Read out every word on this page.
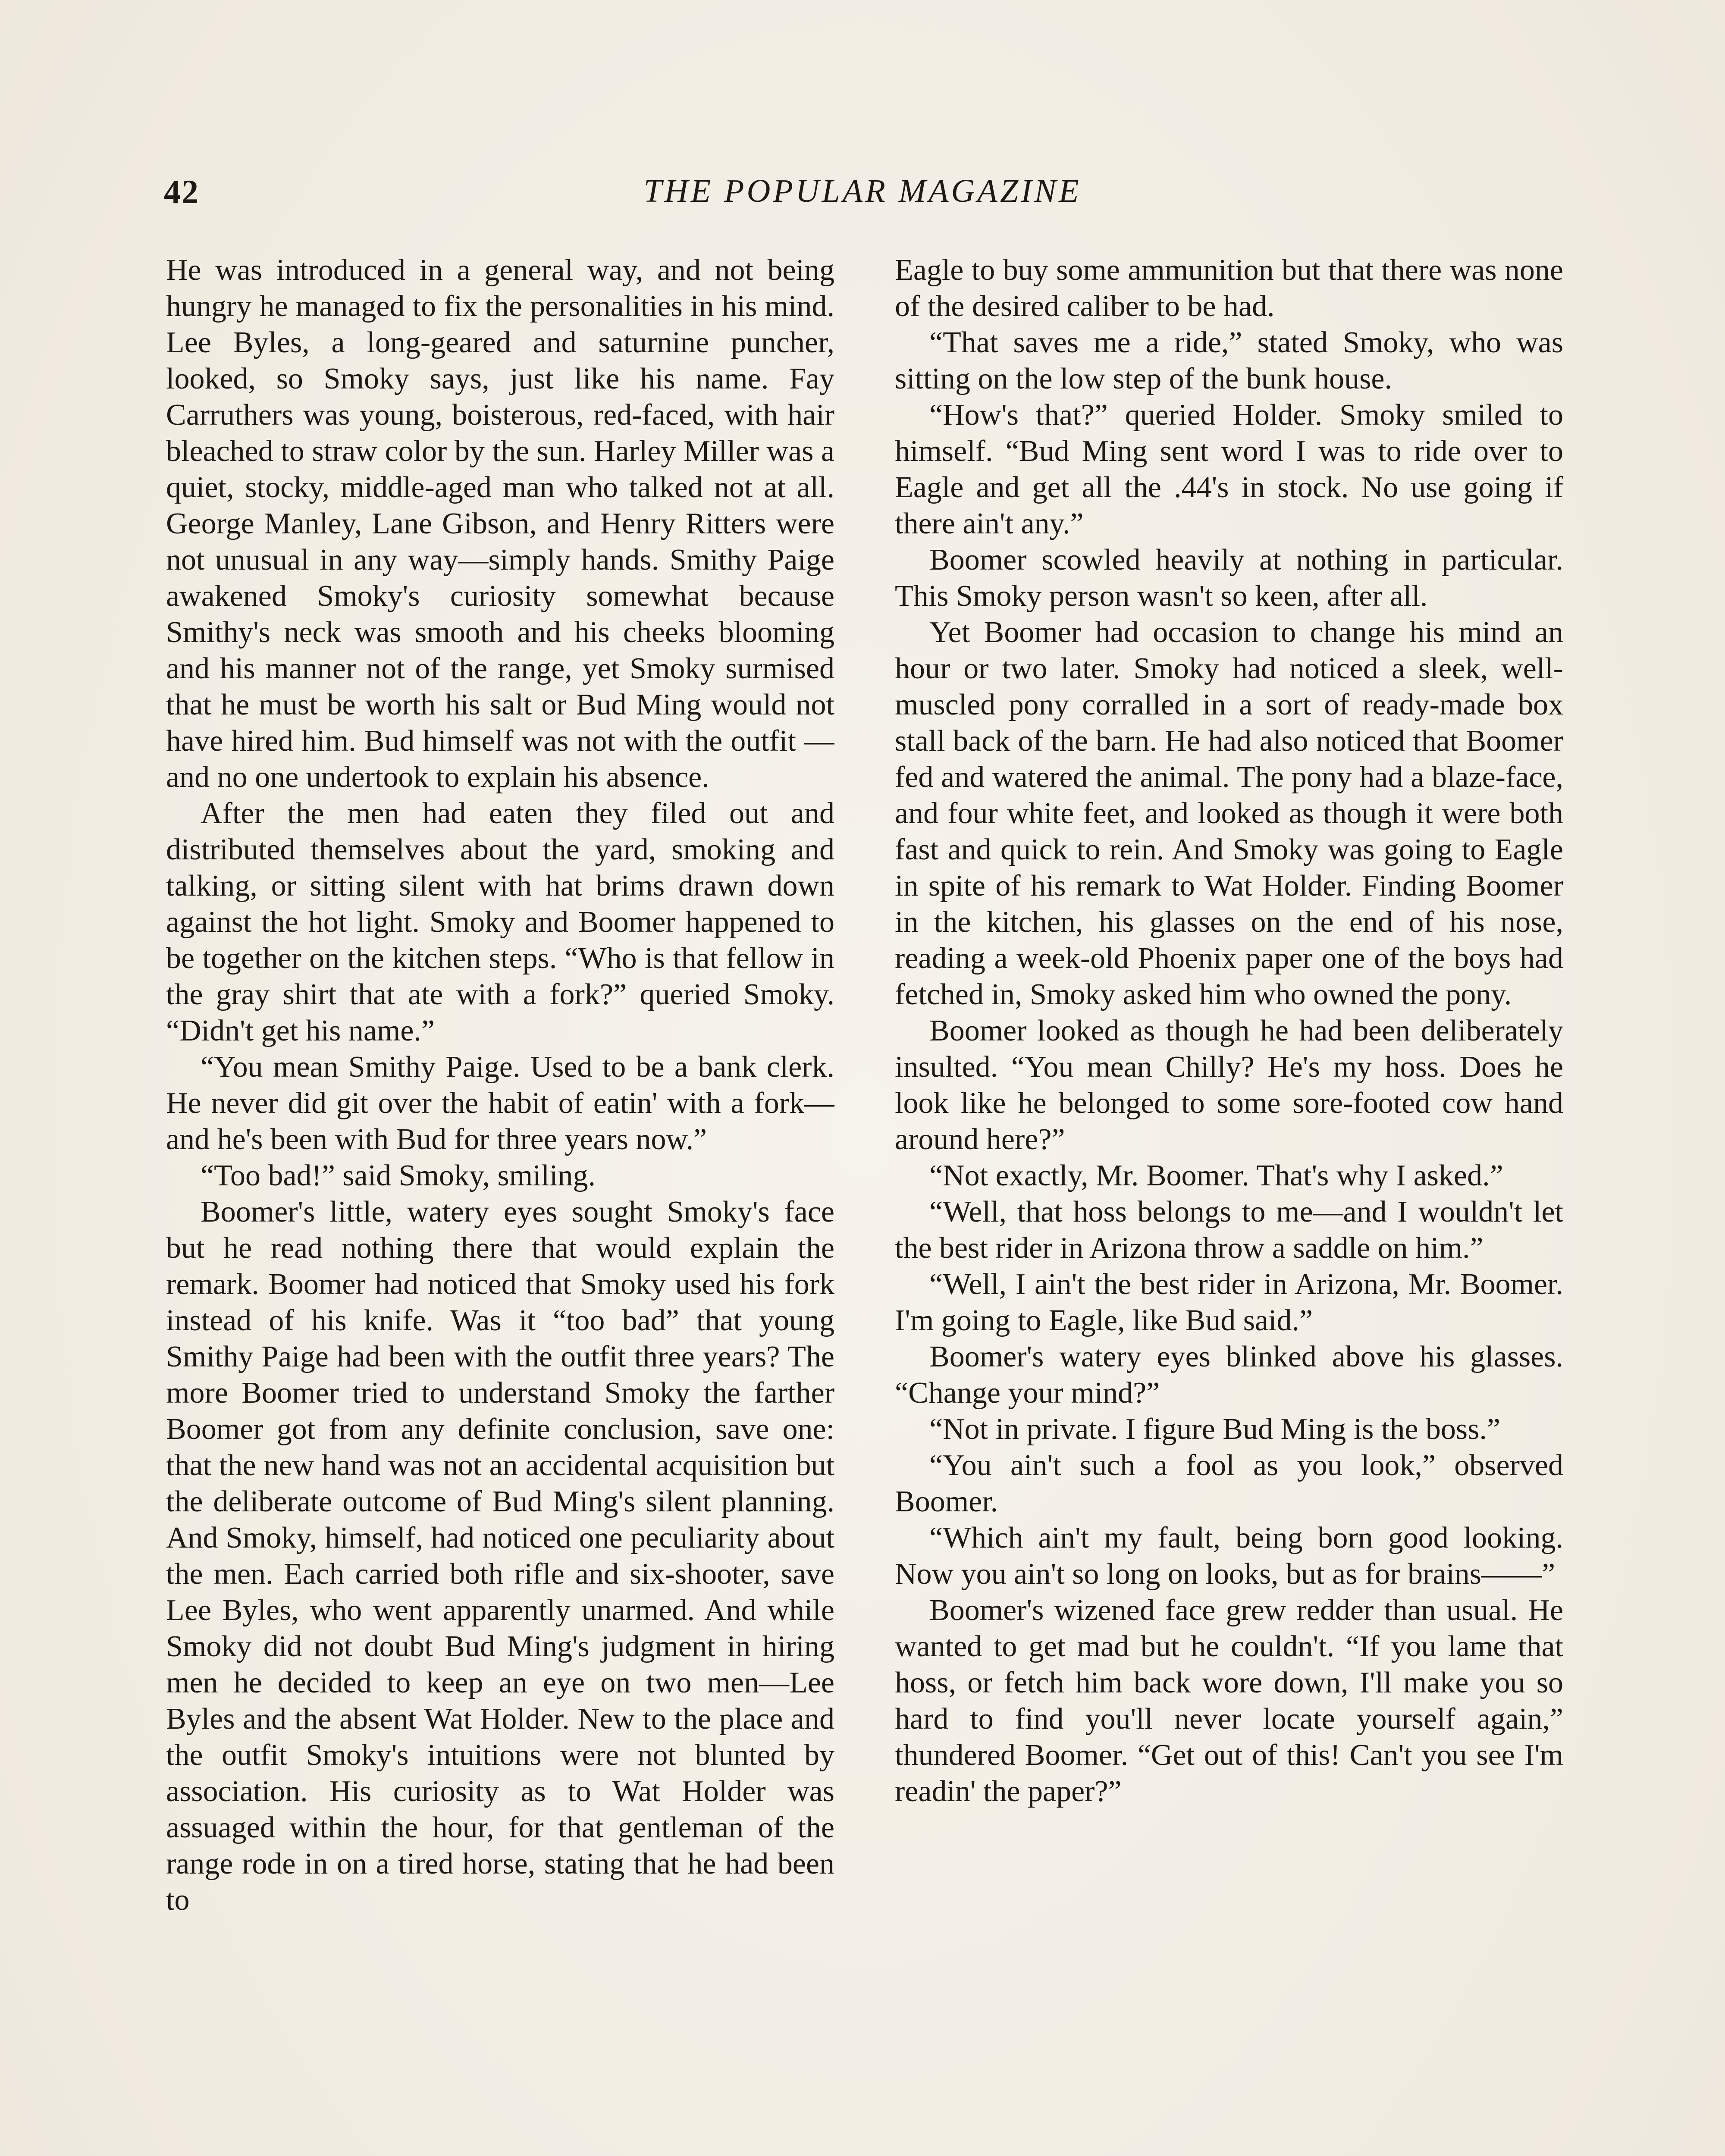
42	THE POPULAR MAGAZINE

He was introduced in a general way, and not being hungry he managed to fix the personalities in his mind. Lee Byles, a long-geared and saturnine puncher, looked, so Smoky says, just like his name. Fay Carruthers was young, boisterous, red-faced, with hair bleached to straw color by the sun. Harley Miller was a quiet, stocky, middle-aged man who talked not at all. George Manley, Lane Gibson, and Henry Ritters were not unusual in any way—simply hands. Smithy Paige awakened Smoky's curiosity somewhat because Smithy's neck was smooth and his cheeks blooming and his manner not of the range, yet Smoky surmised that he must be worth his salt or Bud Ming would not have hired him. Bud himself was not with the outfit —and no one undertook to explain his absence.

After the men had eaten they filed out and distributed themselves about the yard, smoking and talking, or sitting silent with hat brims drawn down against the hot light. Smoky and Boomer happened to be together on the kitchen steps. “Who is that fellow in the gray shirt that ate with a fork?” queried Smoky. “Didn't get his name.”

“You mean Smithy Paige. Used to be a bank clerk. He never did git over the habit of eatin' with a fork—and he's been with Bud for three years now.”

“Too bad!” said Smoky, smiling.

Boomer's little, watery eyes sought Smoky's face but he read nothing there that would explain the remark. Boomer had noticed that Smoky used his fork instead of his knife. Was it “too bad” that young Smithy Paige had been with the outfit three years? The more Boomer tried to understand Smoky the farther Boomer got from any definite conclusion, save one: that the new hand was not an accidental acquisition but the deliberate outcome of Bud Ming's silent planning. And Smoky, himself, had noticed one peculiarity about the men. Each carried both rifle and six-shooter, save Lee Byles, who went apparently unarmed. And while Smoky did not doubt Bud Ming's judgment in hiring men he decided to keep an eye on two men—Lee Byles and the absent Wat Holder. New to the place and the outfit Smoky's intuitions were not blunted by association. His curiosity as to Wat Holder was assuaged within the hour, for that gentleman of the range rode in on a tired horse, stating that he had been to

Eagle to buy some ammunition but that there was none of the desired caliber to be had.

“That saves me a ride,” stated Smoky, who was sitting on the low step of the bunk house.

“How's that?” queried Holder. Smoky smiled to himself. “Bud Ming sent word I was to ride over to Eagle and get all the .44's in stock. No use going if there ain't any.”

Boomer scowled heavily at nothing in particular. This Smoky person wasn't so keen, after all.

Yet Boomer had occasion to change his mind an hour or two later. Smoky had noticed a sleek, well-muscled pony corralled in a sort of ready-made box stall back of the barn. He had also noticed that Boomer fed and watered the animal. The pony had a blaze-face, and four white feet, and looked as though it were both fast and quick to rein. And Smoky was going to Eagle in spite of his remark to Wat Holder. Finding Boomer in the kitchen, his glasses on the end of his nose, reading a week-old Phoenix paper one of the boys had fetched in, Smoky asked him who owned the pony.

Boomer looked as though he had been deliberately insulted. “You mean Chilly? He's my hoss. Does he look like he belonged to some sore-footed cow hand around here?”

“Not exactly, Mr. Boomer. That's why I asked.”

“Well, that hoss belongs to me—and I wouldn't let the best rider in Arizona throw a saddle on him.”

“Well, I ain't the best rider in Arizona, Mr. Boomer. I'm going to Eagle, like Bud said.”

Boomer's watery eyes blinked above his glasses. “Change your mind?”

“Not in private. I figure Bud Ming is the boss.”

“You ain't such a fool as you look,” observed Boomer.

“Which ain't my fault, being born good looking. Now you ain't so long on looks, but as for brains——”

Boomer's wizened face grew redder than usual. He wanted to get mad but he couldn't. “If you lame that hoss, or fetch him back wore down, I'll make you so hard to find you'll never locate yourself again,” thundered Boomer. “Get out of this! Can't you see I'm readin' the paper?”
